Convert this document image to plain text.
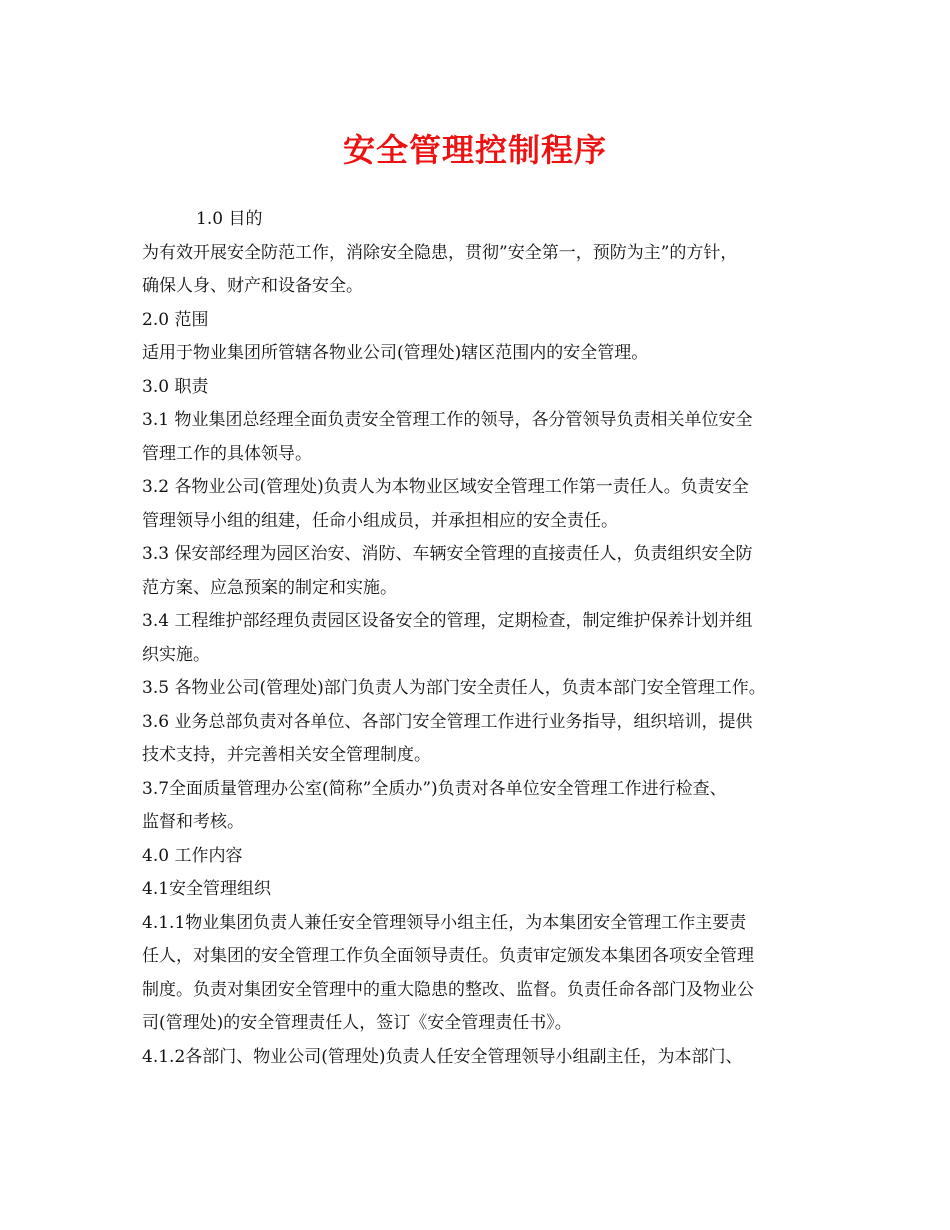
安全管理控制程序
1.0 目的
为有效开展安全防范工作，消除安全隐患，贯彻”安全第一，预防为主”的方针，
确保人身、财产和设备安全。
2.0 范围
适用于物业集团所管辖各物业公司(管理处)辖区范围内的安全管理。
3.0 职责
3.1 物业集团总经理全面负责安全管理工作的领导，各分管领导负责相关单位安全
管理工作的具体领导。
3.2 各物业公司(管理处)负责人为本物业区域安全管理工作第一责任人。负责安全
管理领导小组的组建，任命小组成员，并承担相应的安全责任。
3.3 保安部经理为园区治安、消防、车辆安全管理的直接责任人，负责组织安全防
范方案、应急预案的制定和实施。
3.4 工程维护部经理负责园区设备安全的管理，定期检查，制定维护保养计划并组
织实施。
3.5 各物业公司(管理处)部门负责人为部门安全责任人，负责本部门安全管理工作。
3.6 业务总部负责对各单位、各部门安全管理工作进行业务指导，组织培训，提供
技术支持，并完善相关安全管理制度。
3.7全面质量管理办公室(简称”全质办”)负责对各单位安全管理工作进行检查、
监督和考核。
4.0 工作内容
4.1安全管理组织
4.1.1物业集团负责人兼任安全管理领导小组主任，为本集团安全管理工作主要责
任人，对集团的安全管理工作负全面领导责任。负责审定颁发本集团各项安全管理
制度。负责对集团安全管理中的重大隐患的整改、监督。负责任命各部门及物业公
司(管理处)的安全管理责任人，签订《安全管理责任书》。
4.1.2各部门、物业公司(管理处)负责人任安全管理领导小组副主任，为本部门、
